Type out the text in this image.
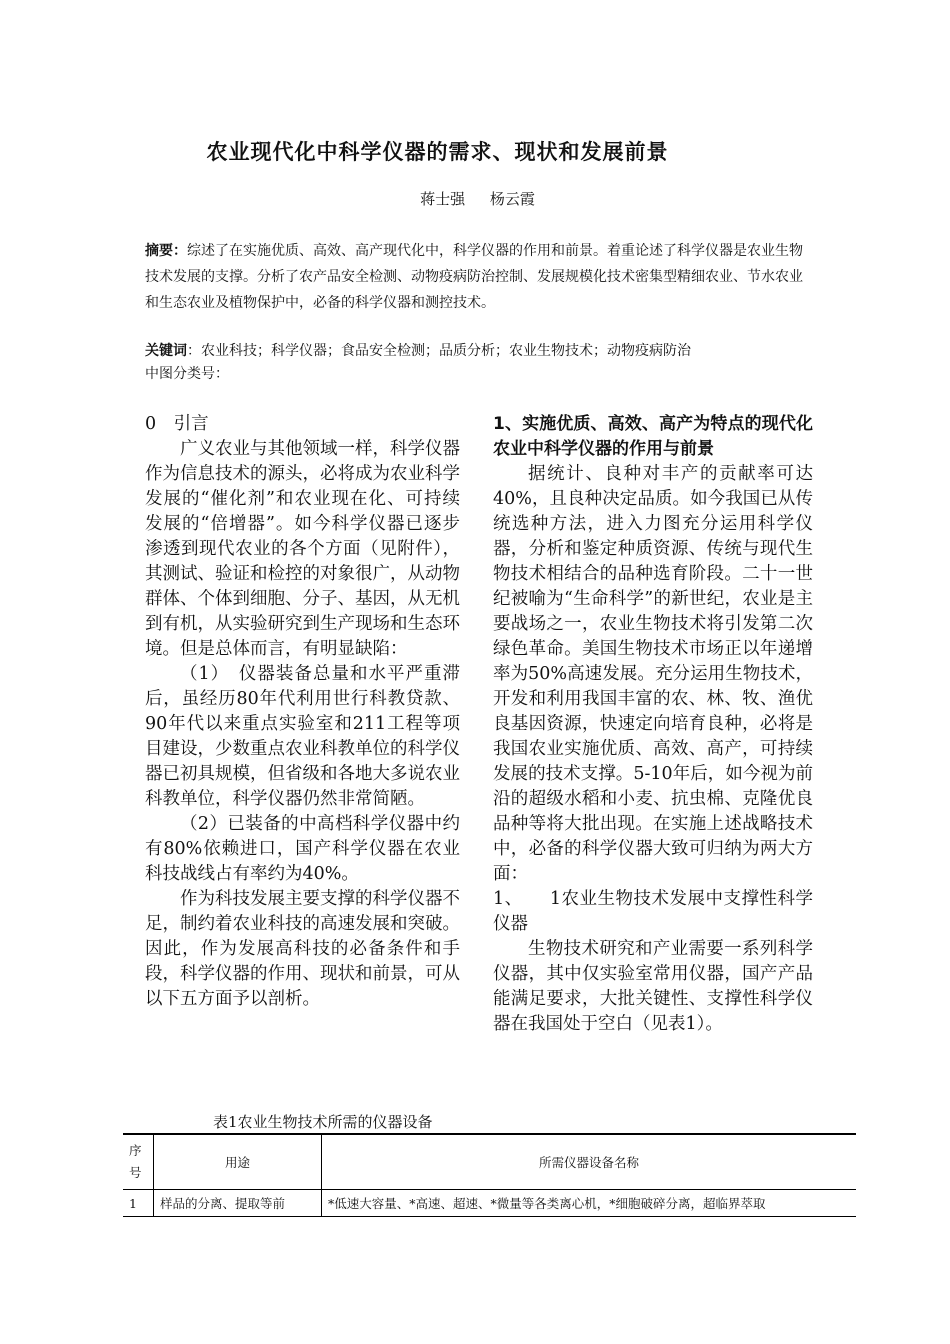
农业现代化中科学仪器的需求、现状和发展前景
蒋士强 杨云霞
摘要：综述了在实施优质、高效、高产现代化中，科学仪器的作用和前景。着重论述了科学仪器是农业生物技术发展的支撑。分析了农产品安全检测、动物疫病防治控制、发展规模化技术密集型精细农业、节水农业和生态农业及植物保护中，必备的科学仪器和测控技术。
关键词：农业科技；科学仪器；食品安全检测；品质分析；农业生物技术；动物疫病防治
中图分类号：
0　引言

广义农业与其他领域一样，科学仪器作为信息技术的源头，必将成为农业科学发展的“催化剂”和农业现在化、可持续发展的“倍增器”。如今科学仪器已逐步渗透到现代农业的各个方面（见附件），其测试、验证和检控的对象很广，从动物群体、个体到细胞、分子、基因，从无机到有机，从实验研究到生产现场和生态环境。但是总体而言，有明显缺陷：

（1）　仪器装备总量和水平严重滞后，虽经历80年代利用世行科教贷款、90年代以来重点实验室和211工程等项目建设，少数重点农业科教单位的科学仪器已初具规模，但省级和各地大多说农业科教单位，科学仪器仍然非常简陋。

（2）已装备的中高档科学仪器中约有80%依赖进口，国产科学仪器在农业科技战线占有率约为40%。

作为科技发展主要支撑的科学仪器不足，制约着农业科技的高速发展和突破。因此，作为发展高科技的必备条件和手段，科学仪器的作用、现状和前景，可从以下五方面予以剖析。

1、实施优质、高效、高产为特点的现代化农业中科学仪器的作用与前景

据统计、良种对丰产的贡献率可达40%，且良种决定品质。如今我国已从传统选种方法，进入力图充分运用科学仪器，分析和鉴定种质资源、传统与现代生物技术相结合的品种选育阶段。二十一世纪被喻为“生命科学”的新世纪，农业是主要战场之一，农业生物技术将引发第二次绿色革命。美国生物技术市场正以年递增率为50%高速发展。充分运用生物技术，开发和利用我国丰富的农、林、牧、渔优良基因资源，快速定向培育良种，必将是我国农业实施优质、高效、高产，可持续发展的技术支撑。5-10年后，如今视为前沿的超级水稻和小麦、抗虫棉、克隆优良品种等将大批出现。在实施上述战略技术中，必备的科学仪器大致可归纳为两大方面：

1、　　1农业生物技术发展中支撑性科学仪器

生物技术研究和产业需要一系列科学仪器，其中仅实验室常用仪器，国产产品能满足要求，大批关键性、支撑性科学仪器在我国处于空白（见表1）。

表1农业生物技术所需的仪器设备
序号	用途	所需仪器设备名称
1	样品的分离、提取等前	*低速大容量、*高速、超速、*微量等各类离心机，*细胞破碎分离，超临界萃取
